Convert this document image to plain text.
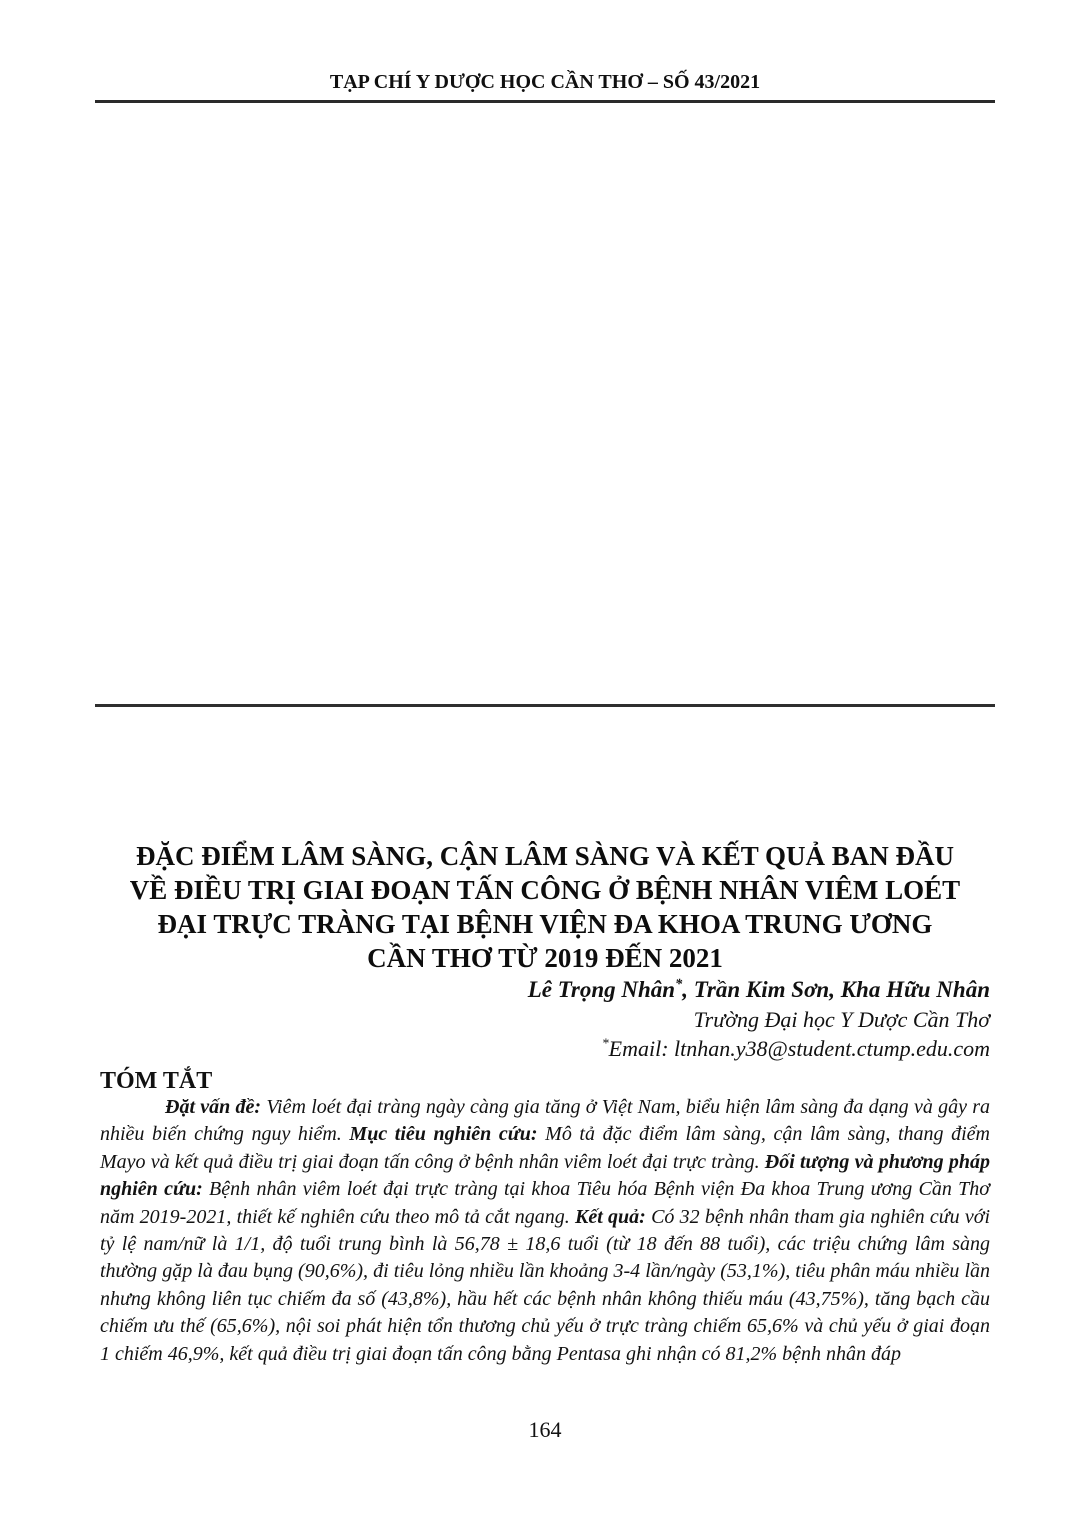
TẠP CHÍ Y DƯỢC HỌC CẦN THƠ – SỐ 43/2021
ĐẶC ĐIỂM LÂM SÀNG, CẬN LÂM SÀNG VÀ KẾT QUẢ BAN ĐẦU
VỀ ĐIỀU TRỊ GIAI ĐOẠN TẤN CÔNG Ở BỆNH NHÂN VIÊM LOÉT
ĐẠI TRỰC TRÀNG TẠI BỆNH VIỆN ĐA KHOA TRUNG ƯƠNG
CẦN THƠ TỪ 2019 ĐẾN 2021
Lê Trọng Nhân*, Trần Kim Sơn, Kha Hữu Nhân
Trường Đại học Y Dược Cần Thơ
*Email: ltnhan.y38@student.ctump.edu.com
TÓM TẮT
Đặt vấn đề: Viêm loét đại tràng ngày càng gia tăng ở Việt Nam, biểu hiện lâm sàng đa dạng và gây ra nhiều biến chứng nguy hiểm. Mục tiêu nghiên cứu: Mô tả đặc điểm lâm sàng, cận lâm sàng, thang điểm Mayo và kết quả điều trị giai đoạn tấn công ở bệnh nhân viêm loét đại trực tràng. Đối tượng và phương pháp nghiên cứu: Bệnh nhân viêm loét đại trực tràng tại khoa Tiêu hóa Bệnh viện Đa khoa Trung ương Cần Thơ năm 2019-2021, thiết kế nghiên cứu theo mô tả cắt ngang. Kết quả: Có 32 bệnh nhân tham gia nghiên cứu với tỷ lệ nam/nữ là 1/1, độ tuổi trung bình là 56,78 ± 18,6 tuổi (từ 18 đến 88 tuổi), các triệu chứng lâm sàng thường gặp là đau bụng (90,6%), đi tiêu lỏng nhiều lần khoảng 3-4 lần/ngày (53,1%), tiêu phân máu nhiều lần nhưng không liên tục chiếm đa số (43,8%), hầu hết các bệnh nhân không thiếu máu (43,75%), tăng bạch cầu chiếm ưu thế (65,6%), nội soi phát hiện tổn thương chủ yếu ở trực tràng chiếm 65,6% và chủ yếu ở giai đoạn 1 chiếm 46,9%, kết quả điều trị giai đoạn tấn công bằng Pentasa ghi nhận có 81,2% bệnh nhân đáp
164
